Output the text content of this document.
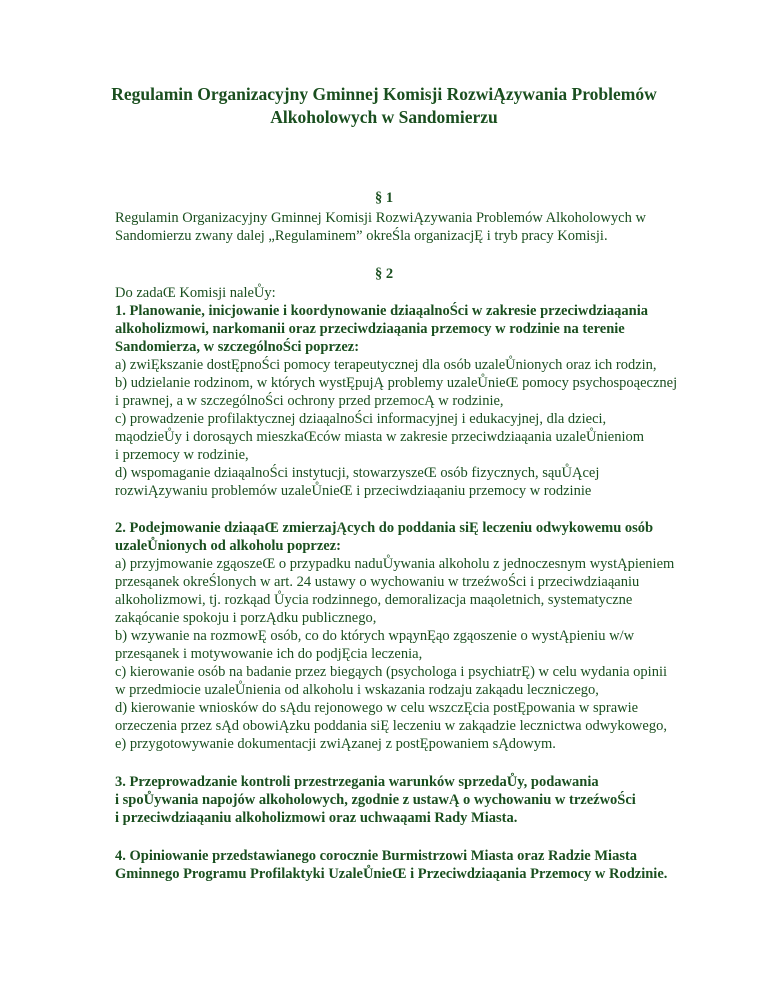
Regulamin Organizacyjny Gminnej Komisji RozwiĄzywania Problemów
Alkoholowych w Sandomierzu
§ 1
Regulamin Organizacyjny Gminnej Komisji RozwiĄzywania Problemów Alkoholowych w
Sandomierzu zwany dalej „Regulaminem” okreŚla organizacjĘ i tryb pracy Komisji.
§ 2
Do zadaŒ Komisji naleŮy:
1. Planowanie, inicjowanie i koordynowanie dziaąalnoŚci w zakresie przeciwdziaąania
alkoholizmowi, narkomanii oraz przeciwdziaąania przemocy w rodzinie na terenie
Sandomierza, w szczególnoŚci poprzez:
a) zwiĘkszanie dostĘpnoŚci pomocy terapeutycznej dla osób uzaleŮnionych oraz ich rodzin,
b) udzielanie rodzinom, w których wystĘpujĄ problemy uzaleŮnieŒ pomocy psychospoąecznej
i prawnej, a w szczególnoŚci ochrony przed przemocĄ w rodzinie,
c) prowadzenie profilaktycznej dziaąalnoŚci informacyjnej i edukacyjnej, dla dzieci,
mąodzieŮy i dorosąych mieszkaŒców miasta w zakresie przeciwdziaąania uzaleŮnieniom
i przemocy w rodzinie,
d) wspomaganie dziaąalnoŚci instytucji, stowarzyszeŒ osób fizycznych, sąuŮĄcej
rozwiĄzywaniu problemów uzaleŮnieŒ i przeciwdziaąaniu przemocy w rodzinie
2. Podejmowanie dziaąaŒ zmierzajĄcych do poddania siĘ leczeniu odwykowemu osób
uzaleŮnionych od alkoholu poprzez:
a) przyjmowanie zgąoszeŒ o przypadku naduŮywania alkoholu z jednoczesnym wystĄpieniem
przesąanek okreŚlonych w art. 24 ustawy o wychowaniu w trzeźwoŚci i przeciwdziaąaniu
alkoholizmowi, tj. rozkąad Ůycia rodzinnego, demoralizacja maąoletnich, systematyczne
zakąócanie spokoju i porzĄdku publicznego,
b) wzywanie na rozmowĘ osób, co do których wpąynĘąo zgąoszenie o wystĄpieniu w/w
przesąanek i motywowanie ich do podjĘcia leczenia,
c) kierowanie osób na badanie przez biegąych (psychologa i psychiatrĘ) w celu wydania opinii
w przedmiocie uzaleŮnienia od alkoholu i wskazania rodzaju zakąadu leczniczego,
d) kierowanie wniosków do sĄdu rejonowego w celu wszczĘcia postĘpowania w sprawie
orzeczenia przez sĄd obowiĄzku poddania siĘ leczeniu w zakąadzie lecznictwa odwykowego,
e) przygotowywanie dokumentacji zwiĄzanej z postĘpowaniem sĄdowym.
3. Przeprowadzanie kontroli przestrzegania warunków sprzedaŮy, podawania
i spoŮywania napojów alkoholowych, zgodnie z ustawĄ o wychowaniu w trzeźwoŚci
i przeciwdziaąaniu alkoholizmowi oraz uchwaąami Rady Miasta.
4. Opiniowanie przedstawianego corocznie Burmistrzowi Miasta oraz Radzie Miasta
Gminnego Programu Profilaktyki UzaleŮnieŒ i Przeciwdziaąania Przemocy w Rodzinie.
